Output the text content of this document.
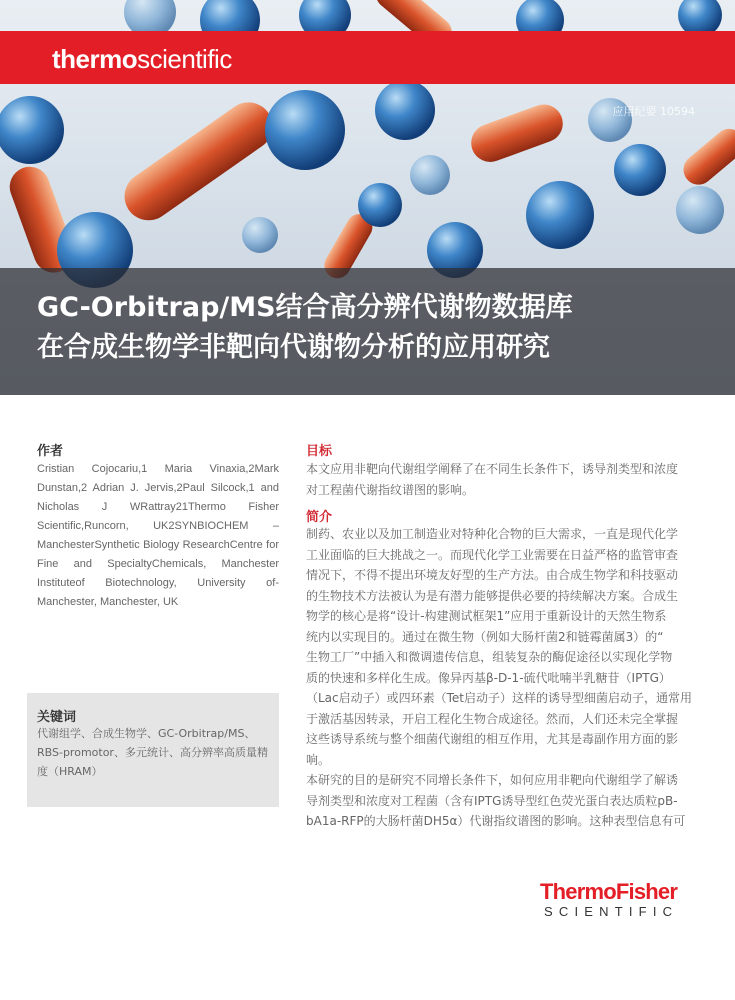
thermoscientific
应用纪要 10594
GC-Orbitrap/MS结合高分辨代谢物数据库
在合成生物学非靶向代谢物分析的应用研究
作者
Cristian Cojocariu,1 Maria Vinaxia,2Mark Dunstan,2 Adrian J. Jervis,2Paul Silcock,1 and Nicholas J WRattray21Thermo Fisher Scientific,Runcorn, UK2SYNBIOCHEM – ManchesterSynthetic Biology ResearchCentre for Fine and SpecialtyChemicals, Manchester Instituteof Biotechnology, University of-Manchester, Manchester, UK
关键词
代谢组学、合成生物学、GC-Orbitrap/MS、RBS-promotor、多元统计、高分辨率高质量精度（HRAM）
目标
本文应用非靶向代谢组学阐释了在不同生长条件下，诱导剂类型和浓度
对工程菌代谢指纹谱图的影响。
简介
制药、农业以及加工制造业对特种化合物的巨大需求，一直是现代化学
工业面临的巨大挑战之一。而现代化学工业需要在日益严格的监管审查
情况下，不得不提出环境友好型的生产方法。由合成生物学和科技驱动
的生物技术方法被认为是有潜力能够提供必要的持续解决方案。合成生
物学的核心是将“设计-构建测试框架1”应用于重新设计的天然生物系
统内以实现目的。通过在微生物（例如大肠杆菌2和链霉菌属3）的“
生物工厂”中插入和微调遗传信息，组装复杂的酶促途径以实现化学物
质的快速和多样化生成。像异丙基β-D-1-硫代吡喃半乳糖苷（IPTG）
（Lac启动子）或四环素（Tet启动子）这样的诱导型细菌启动子，通常用
于激活基因转录，开启工程化生物合成途径。然而，人们还未完全掌握
这些诱导系统与整个细菌代谢组的相互作用，尤其是毒副作用方面的影
响。
本研究的目的是研究不同增长条件下，如何应用非靶向代谢组学了解诱
导剂类型和浓度对工程菌（含有IPTG诱导型红色荧光蛋白表达质粒pB-
bA1a-RFP的大肠杆菌DH5α）代谢指纹谱图的影响。这种表型信息有可
ThermoFisher
SCIENTIFIC
